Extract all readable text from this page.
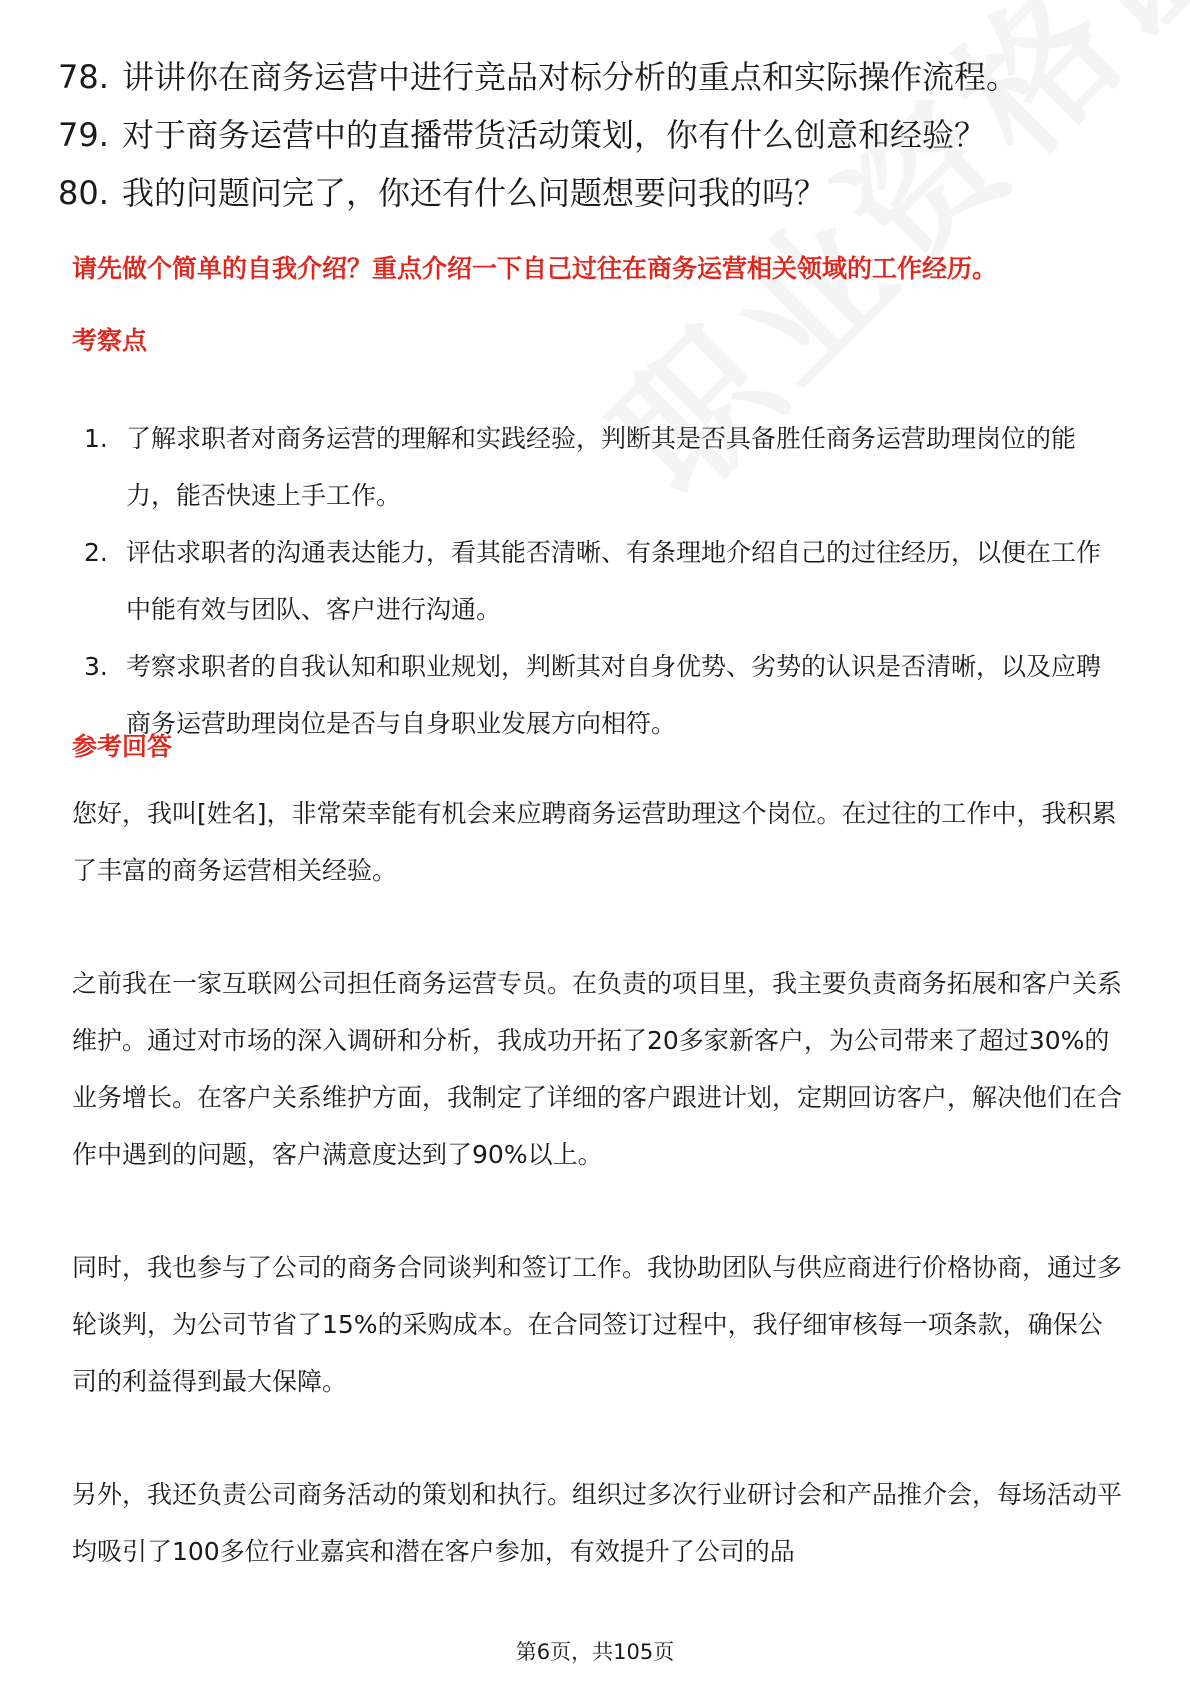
78. 讲讲你在商务运营中进行竞品对标分析的重点和实际操作流程。
79. 对于商务运营中的直播带货活动策划，你有什么创意和经验？
80. 我的问题问完了，你还有什么问题想要问我的吗？
请先做个简单的自我介绍？重点介绍一下自己过往在商务运营相关领域的工作经历。
考察点
1. 了解求职者对商务运营的理解和实践经验，判断其是否具备胜任商务运营助理岗位的能力，能否快速上手工作。
2. 评估求职者的沟通表达能力，看其能否清晰、有条理地介绍自己的过往经历，以便在工作中能有效与团队、客户进行沟通。
3. 考察求职者的自我认知和职业规划，判断其对自身优势、劣势的认识是否清晰，以及应聘商务运营助理岗位是否与自身职业发展方向相符。
参考回答

您好，我叫[姓名]，非常荣幸能有机会来应聘商务运营助理这个岗位。在过往的工作中，我积累了丰富的商务运营相关经验。

之前我在一家互联网公司担任商务运营专员。在负责的项目里，我主要负责商务拓展和客户关系维护。通过对市场的深入调研和分析，我成功开拓了20多家新客户，为公司带来了超过30%的业务增长。在客户关系维护方面，我制定了详细的客户跟进计划，定期回访客户，解决他们在合作中遇到的问题，客户满意度达到了90%以上。

同时，我也参与了公司的商务合同谈判和签订工作。我协助团队与供应商进行价格协商，通过多轮谈判，为公司节省了15%的采购成本。在合同签订过程中，我仔细审核每一项条款，确保公司的利益得到最大保障。

另外，我还负责公司商务活动的策划和执行。组织过多次行业研讨会和产品推介会，每场活动平均吸引了100多位行业嘉宾和潜在客户参加，有效提升了公司的品

第6页，共105页
